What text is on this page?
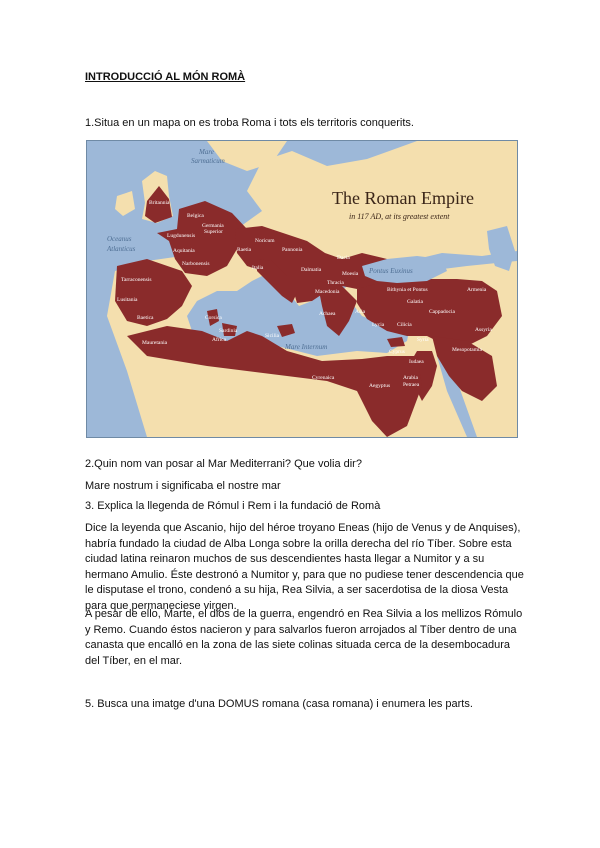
INTRODUCCIÓ AL MÓN ROMÀ

1.Situa en un mapa on es troba Roma i tots els territoris conquerits.

The Roman Empire
in 117 AD, at its greatest extent
Mare
Sarmaticum
Oceanus
Atlanticus
Pontus Euxinus
Mare Internum
Britannia
Belgica
Germania
Superior
Noricum
Raetia
Lugdunensis
Aquitania
Narbonensis
Italia
Pannonia
Dalmatia
Dacia
Moesia
Thracia
Macedonia
Achaea
Tarraconensis
Lusitania
Baetica	Corsica
Sardinia
Sicilia
Mauretania	Africa
Bithynia et Pontus
Asia
Galatia
Cappadocia
Armenia
Lycia Cilicia
Syria
Assyria
Mesopotamia
Cyprus
Iudaea
Arabia
Petraea
Cyrenaica
Aegyptus

2.Quin nom van posar al Mar Mediterrani? Que volia dir?

Mare nostrum i significaba el nostre mar

3. Explica la llegenda de Rómul i Rem i la fundació de Romà

Dice la leyenda que Ascanio, hijo del héroe troyano Eneas (hijo de Venus y de Anquises), habría fundado la ciudad de Alba Longa sobre la orilla derecha del río Tíber. Sobre esta ciudad latina reinaron muchos de sus descendientes hasta llegar a Numitor y a su hermano Amulio. Éste destronó a Numitor y, para que no pudiese tener descendencia que le disputase el trono, condenó a su hija, Rea Silvia, a ser sacerdotisa de la diosa Vesta para que permaneciese virgen.

A pesar de ello, Marte, el dios de la guerra, engendró en Rea Silvia a los mellizos Rómulo y Remo. Cuando éstos nacieron y para salvarlos fueron arrojados al Tíber dentro de una canasta que encalló en la zona de las siete colinas situada cerca de la desembocadura del Tíber, en el mar.

5. Busca una imatge d'una DOMUS romana (casa romana) i enumera les parts.
